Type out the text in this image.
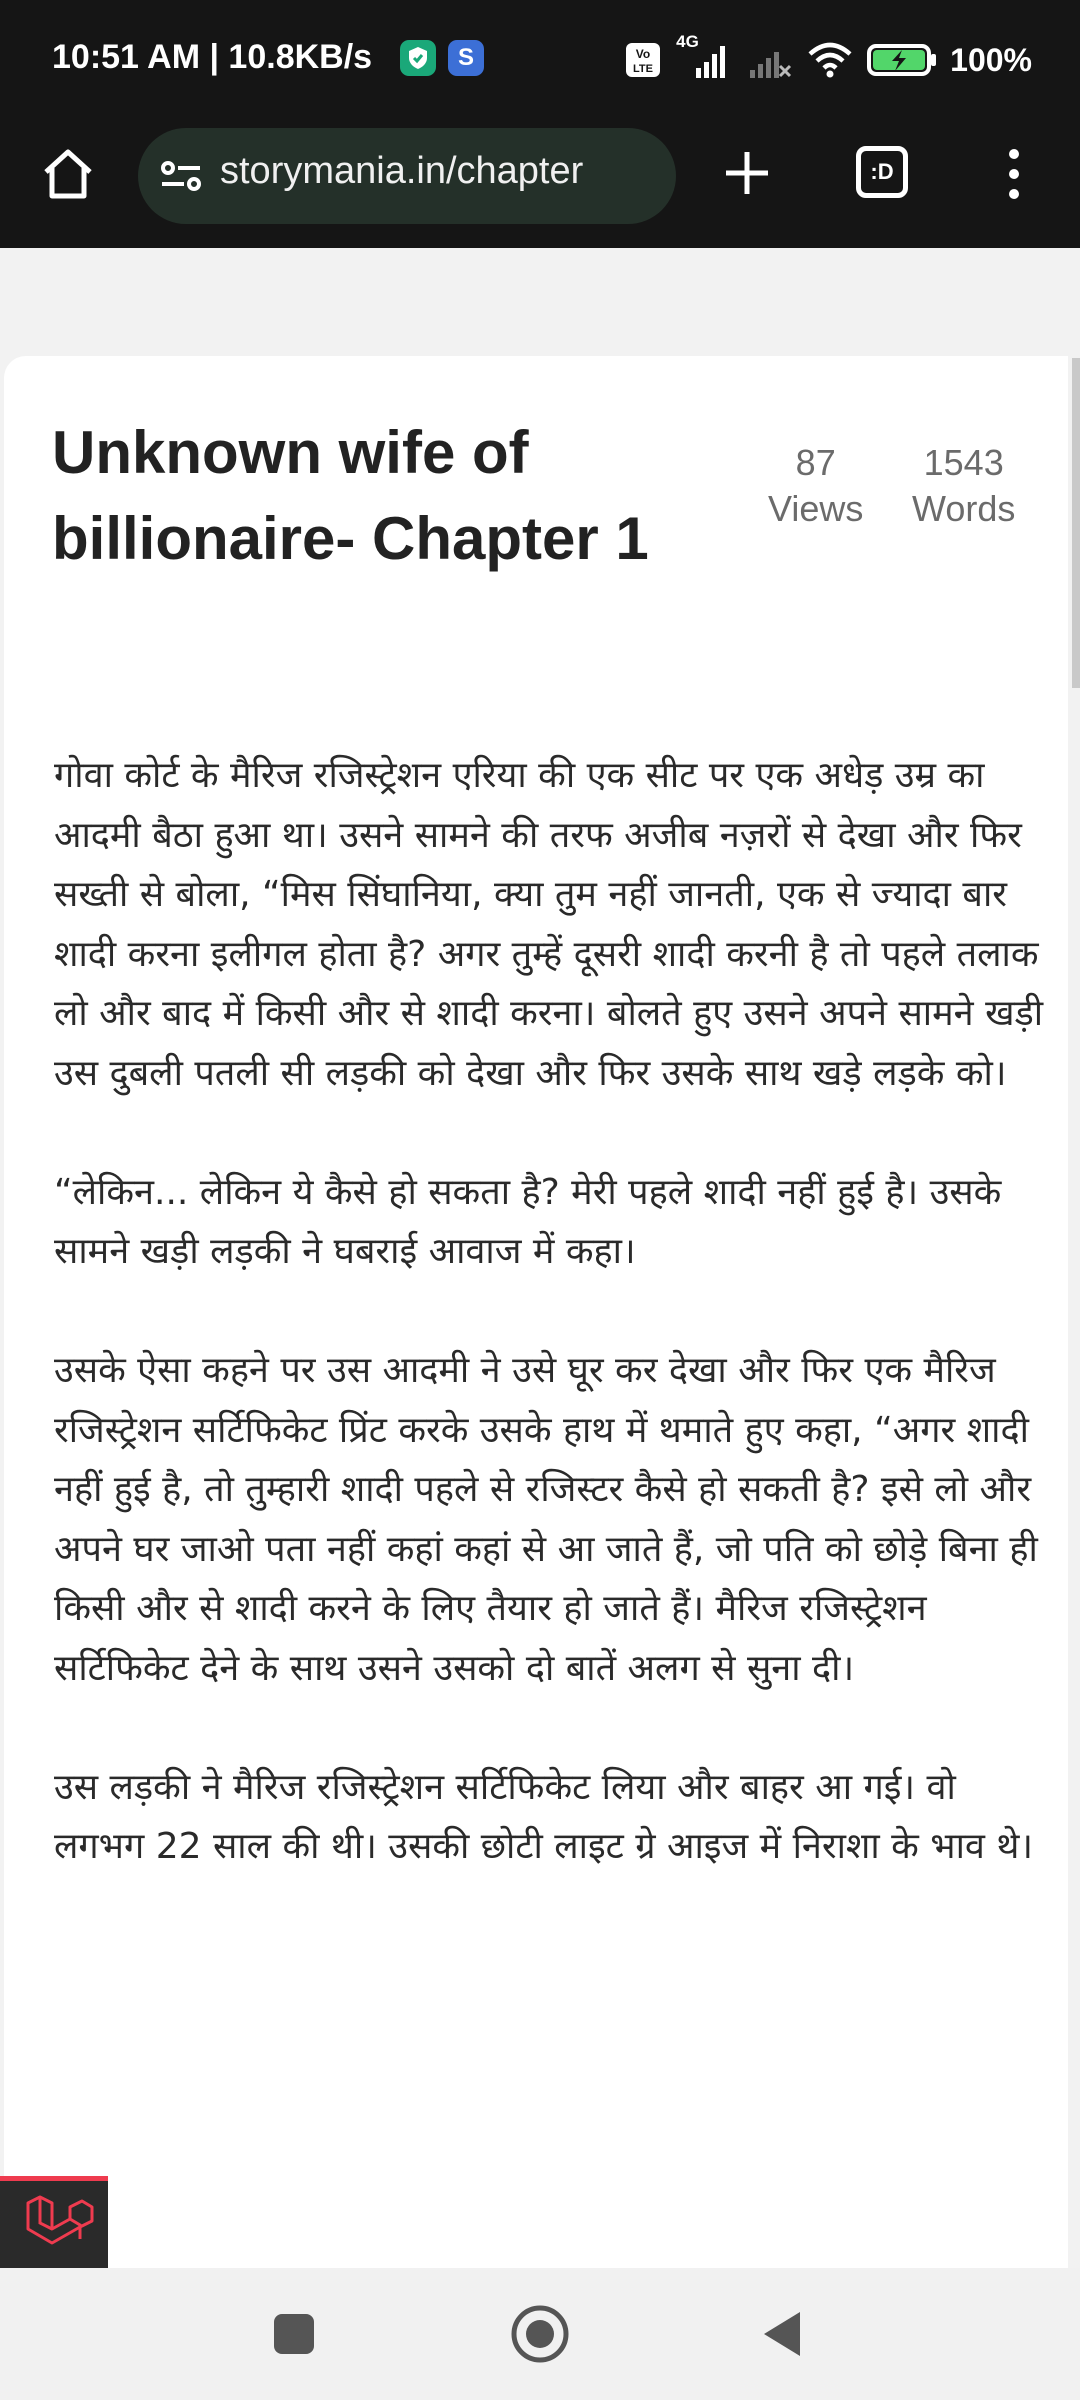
10:51 AM | 10.8KB/s	S	Vo
LTE
4G	100%
storymania.in/chapter	:D
Unknown wife of billionaire- Chapter 1
87
Views
1543
Words

गोवा कोर्ट के मैरिज रजिस्ट्रेशन एरिया की एक सीट पर एक अधेड़ उम्र का आदमी बैठा हुआ था। उसने सामने की तरफ अजीब नज़रों से देखा और फिर सख्ती से बोला, “मिस सिंघानिया, क्या तुम नहीं जानती, एक से ज्यादा बार शादी करना इलीगल होता है? अगर तुम्हें दूसरी शादी करनी है तो पहले तलाक लो और बाद में किसी और से शादी करना। बोलते हुए उसने अपने सामने खड़ी उस दुबली पतली सी लड़की को देखा और फिर उसके साथ खड़े लड़के को।

“लेकिन... लेकिन ये कैसे हो सकता है? मेरी पहले शादी नहीं हुई है। उसके सामने खड़ी लड़की ने घबराई आवाज में कहा।

उसके ऐसा कहने पर उस आदमी ने उसे घूर कर देखा और फिर एक मैरिज रजिस्ट्रेशन सर्टिफिकेट प्रिंट करके उसके हाथ में थमाते हुए कहा, “अगर शादी नहीं हुई है, तो तुम्हारी शादी पहले से रजिस्टर कैसे हो सकती है? इसे लो और अपने घर जाओ पता नहीं कहां कहां से आ जाते हैं, जो पति को छोड़े बिना ही किसी और से शादी करने के लिए तैयार हो जाते हैं। मैरिज रजिस्ट्रेशन सर्टिफिकेट देने के साथ उसने उसको दो बातें अलग से सुना दी।

उस लड़की ने मैरिज रजिस्ट्रेशन सर्टिफिकेट लिया और बाहर आ गई। वो लगभग 22 साल की थी। उसकी छोटी लाइट ग्रे आइज में निराशा के भाव थे।
